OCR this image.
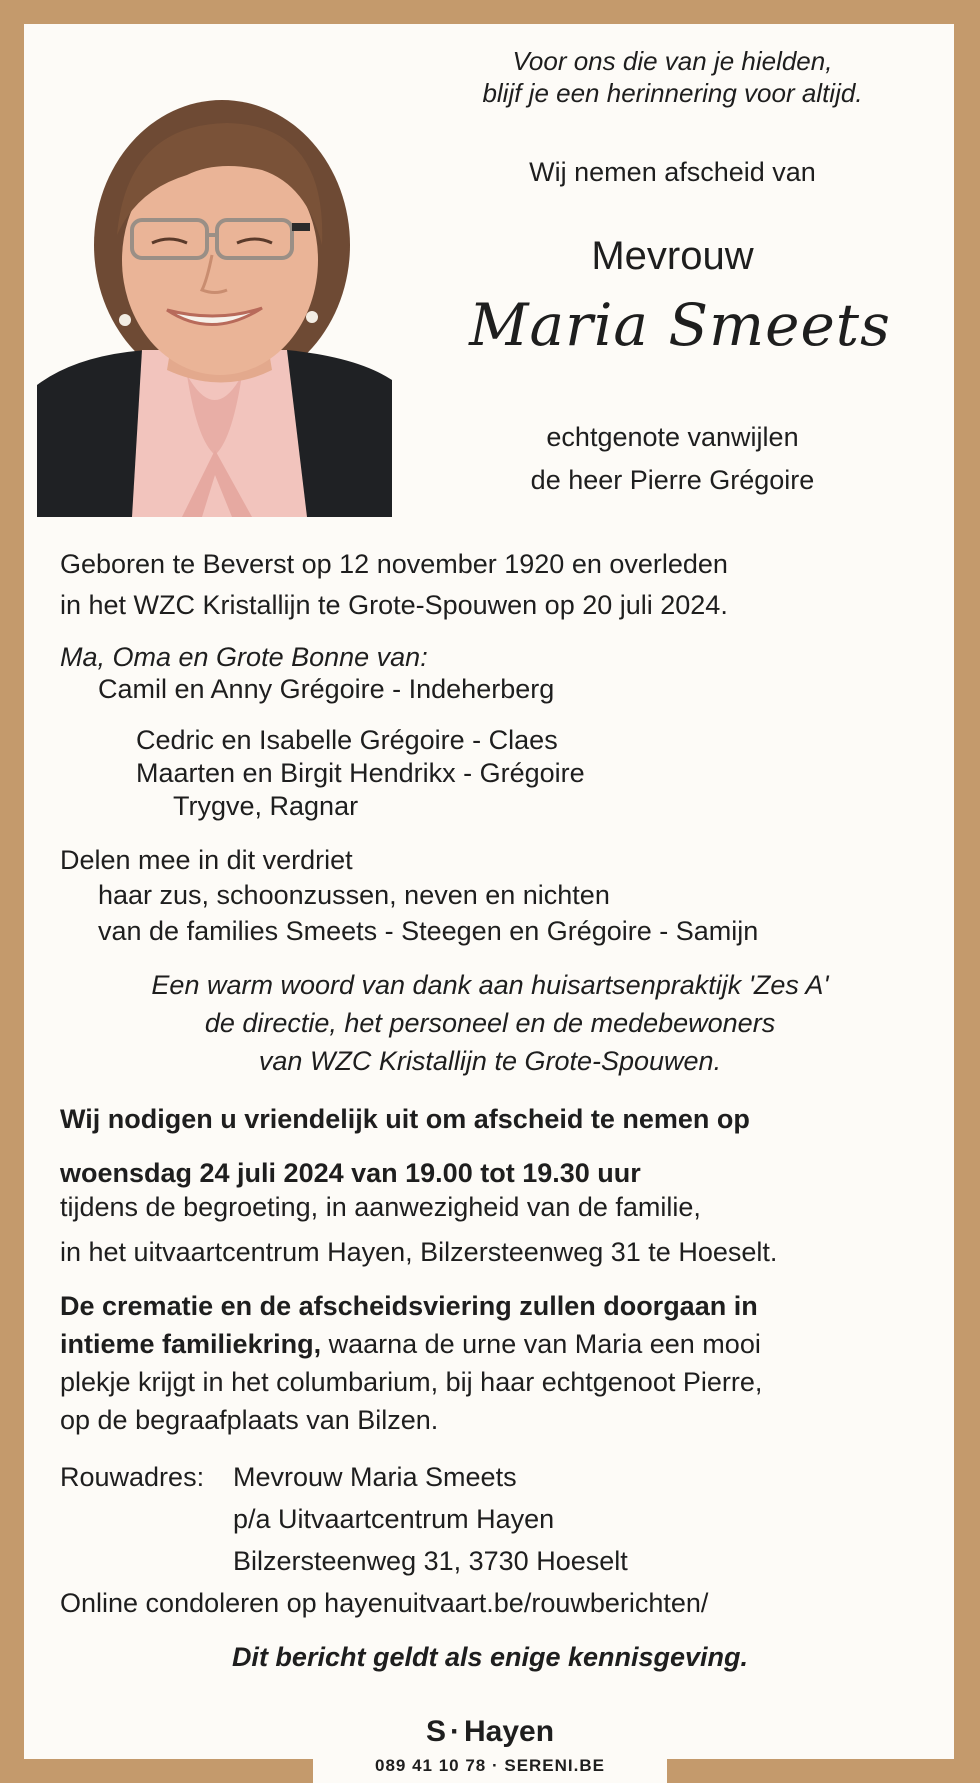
Voor ons die van je hielden,
blijf je een herinnering voor altijd.
Wij nemen afscheid van
Mevrouw
Maria Smeets
echtgenote vanwijlen
de heer Pierre Grégoire
Geboren te Beverst op 12 november 1920 en overleden
in het WZC Kristallijn te Grote-Spouwen op 20 juli 2024.
Ma, Oma en Grote Bonne van:
Camil en Anny Grégoire - Indeherberg
Cedric en Isabelle Grégoire - Claes
Maarten en Birgit Hendrikx - Grégoire
Trygve, Ragnar
Delen mee in dit verdriet
haar zus, schoonzussen, neven en nichten
van de families Smeets - Steegen en Grégoire - Samijn
Een warm woord van dank aan huisartsenpraktijk 'Zes A'
de directie, het personeel en de medebewoners
van WZC Kristallijn te Grote-Spouwen.
Wij nodigen u vriendelijk uit om afscheid te nemen op
woensdag 24 juli 2024 van 19.00 tot 19.30 uur
tijdens de begroeting, in aanwezigheid van de familie,
in het uitvaartcentrum Hayen, Bilzersteenweg 31 te Hoeselt.
De crematie en de afscheidsviering zullen doorgaan in
intieme familiekring, waarna de urne van Maria een mooi
plekje krijgt in het columbarium, bij haar echtgenoot Pierre,
op de begraafplaats van Bilzen.
Rouwadres: Mevrouw Maria Smeets
p/a Uitvaartcentrum Hayen
Bilzersteenweg 31, 3730 Hoeselt
Online condoleren op hayenuitvaart.be/rouwberichten/
Dit bericht geldt als enige kennisgeving.
S · Hayen
089 41 10 78 · SERENI.BE
